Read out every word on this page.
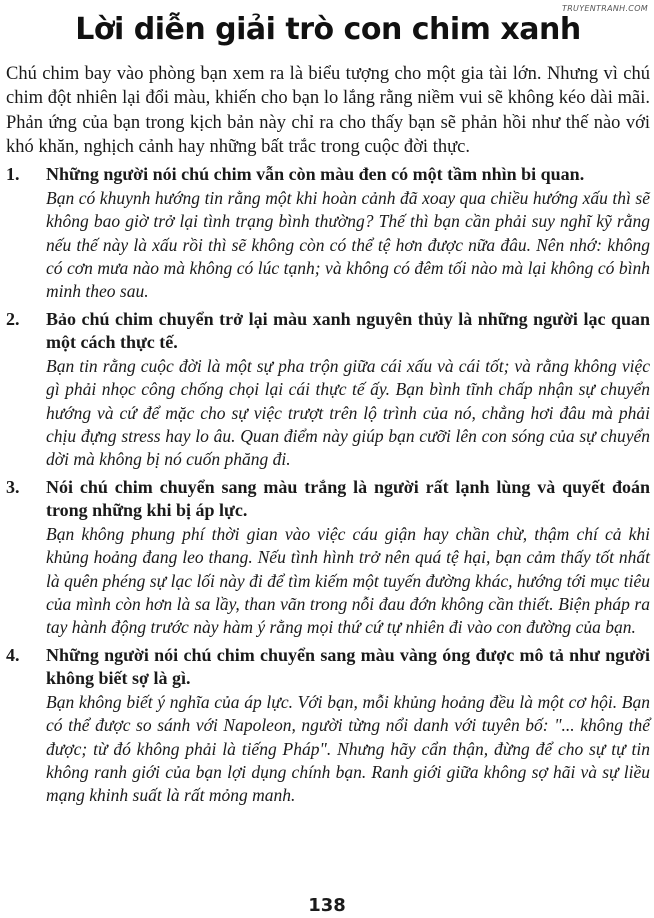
TRUYENTRANH.COM
Lời diễn giải trò con chim xanh

Chú chim bay vào phòng bạn xem ra là biểu tượng cho một gia tài lớn. Nhưng vì chú chim đột nhiên lại đổi màu, khiến cho bạn lo lắng rằng niềm vui sẽ không kéo dài mãi. Phản ứng của bạn trong kịch bản này chỉ ra cho thấy bạn sẽ phản hồi như thế nào với khó khăn, nghịch cảnh hay những bất trắc trong cuộc đời thực.

1.	Những người nói chú chim vẫn còn màu đen có một tầm nhìn bi quan.
Bạn có khuynh hướng tin rằng một khi hoàn cảnh đã xoay qua chiều hướng xấu thì sẽ không bao giờ trở lại tình trạng bình thường? Thế thì bạn cần phải suy nghĩ kỹ rằng nếu thế này là xấu rồi thì sẽ không còn có thể tệ hơn được nữa đâu. Nên nhớ: không có cơn mưa nào mà không có lúc tạnh; và không có đêm tối nào mà lại không có bình minh theo sau.
2.	Bảo chú chim chuyển trở lại màu xanh nguyên thủy là những người lạc quan một cách thực tế.
Bạn tin rằng cuộc đời là một sự pha trộn giữa cái xấu và cái tốt; và rằng không việc gì phải nhọc công chống chọi lại cái thực tế ấy. Bạn bình tĩnh chấp nhận sự chuyển hướng và cứ để mặc cho sự việc trượt trên lộ trình của nó, chẳng hơi đâu mà phải chịu đựng stress hay lo âu. Quan điểm này giúp bạn cưỡi lên con sóng của sự chuyển dời mà không bị nó cuốn phăng đi.
3.	Nói chú chim chuyển sang màu trắng là người rất lạnh lùng và quyết đoán trong những khi bị áp lực.
Bạn không phung phí thời gian vào việc cáu giận hay chần chừ, thậm chí cả khi khủng hoảng đang leo thang. Nếu tình hình trở nên quá tệ hại, bạn cảm thấy tốt nhất là quên phéng sự lạc lối này đi để tìm kiếm một tuyến đường khác, hướng tới mục tiêu của mình còn hơn là sa lầy, than vãn trong nỗi đau đớn không cần thiết. Biện pháp ra tay hành động trước này hàm ý rằng mọi thứ cứ tự nhiên đi vào con đường của bạn.
4.	Những người nói chú chim chuyển sang màu vàng óng được mô tả như người không biết sợ là gì.
Bạn không biết ý nghĩa của áp lực. Với bạn, mỗi khủng hoảng đều là một cơ hội. Bạn có thể được so sánh với Napoleon, người từng nổi danh với tuyên bố: "... không thể được; từ đó không phải là tiếng Pháp". Nhưng hãy cẩn thận, đừng để cho sự tự tin không ranh giới của bạn lợi dụng chính bạn. Ranh giới giữa không sợ hãi và sự liều mạng khinh suất là rất mỏng manh.
138
